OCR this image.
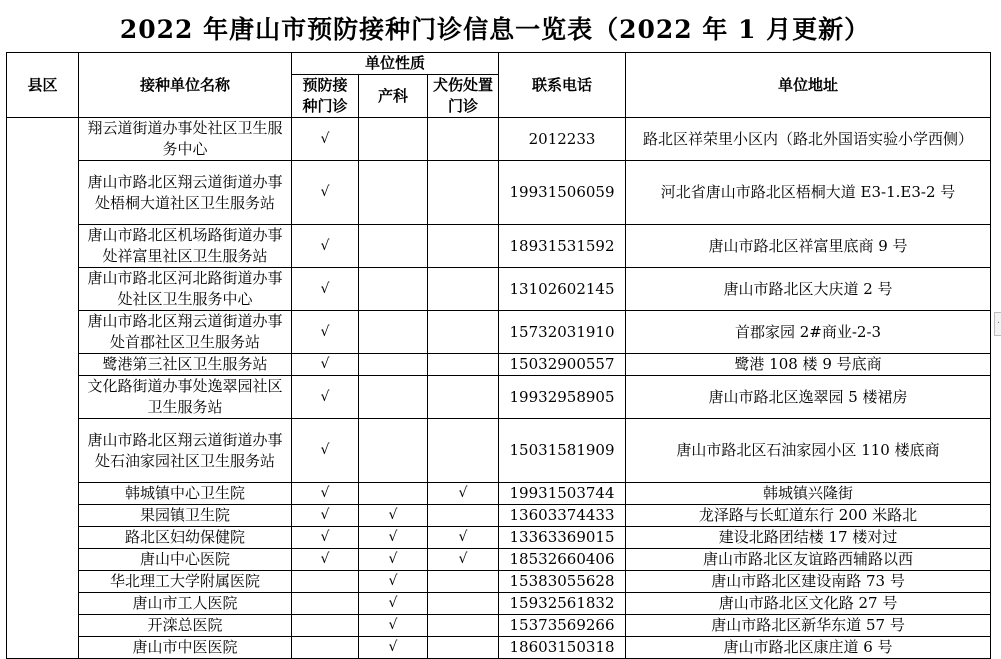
2022 年唐山市预防接种门诊信息一览表（2022 年 1 月更新）
县区	接种单位名称	单位性质			联系电话	单位地址
		预防接种门诊	产科	犬伤处置门诊		
	翔云道街道办事处社区卫生服务中心	√			2012233	路北区祥荣里小区内（路北外国语实验小学西侧）
	唐山市路北区翔云道街道办事处梧桐大道社区卫生服务站	√			19931506059	河北省唐山市路北区梧桐大道 E3-1.E3-2 号
	唐山市路北区机场路街道办事处祥富里社区卫生服务站	√			18931531592	唐山市路北区祥富里底商 9 号
	唐山市路北区河北路街道办事处社区卫生服务中心	√			13102602145	唐山市路北区大庆道 2 号
	唐山市路北区翔云道街道办事处首郡社区卫生服务站	√			15732031910	首郡家园 2#商业-2-3
	鹭港第三社区卫生服务站	√			15032900557	鹭港 108 楼 9 号底商
	文化路街道办事处逸翠园社区卫生服务站	√			19932958905	唐山市路北区逸翠园 5 楼裙房
	唐山市路北区翔云道街道办事处石油家园社区卫生服务站	√			15031581909	唐山市路北区石油家园小区 110 楼底商
	韩城镇中心卫生院	√		√	19931503744	韩城镇兴隆街
	果园镇卫生院	√	√		13603374433	龙泽路与长虹道东行 200 米路北
	路北区妇幼保健院	√	√	√	13363369015	建设北路团结楼 17 楼对过
	唐山中心医院	√	√	√	18532660406	唐山市路北区友谊路西辅路以西
	华北理工大学附属医院		√		15383055628	唐山市路北区建设南路 73 号
	唐山市工人医院		√		15932561832	唐山市路北区文化路 27 号
	开滦总医院		√		15373569266	唐山市路北区新华东道 57 号
	唐山市中医医院		√		18603150318	唐山市路北区康庄道 6 号
·
